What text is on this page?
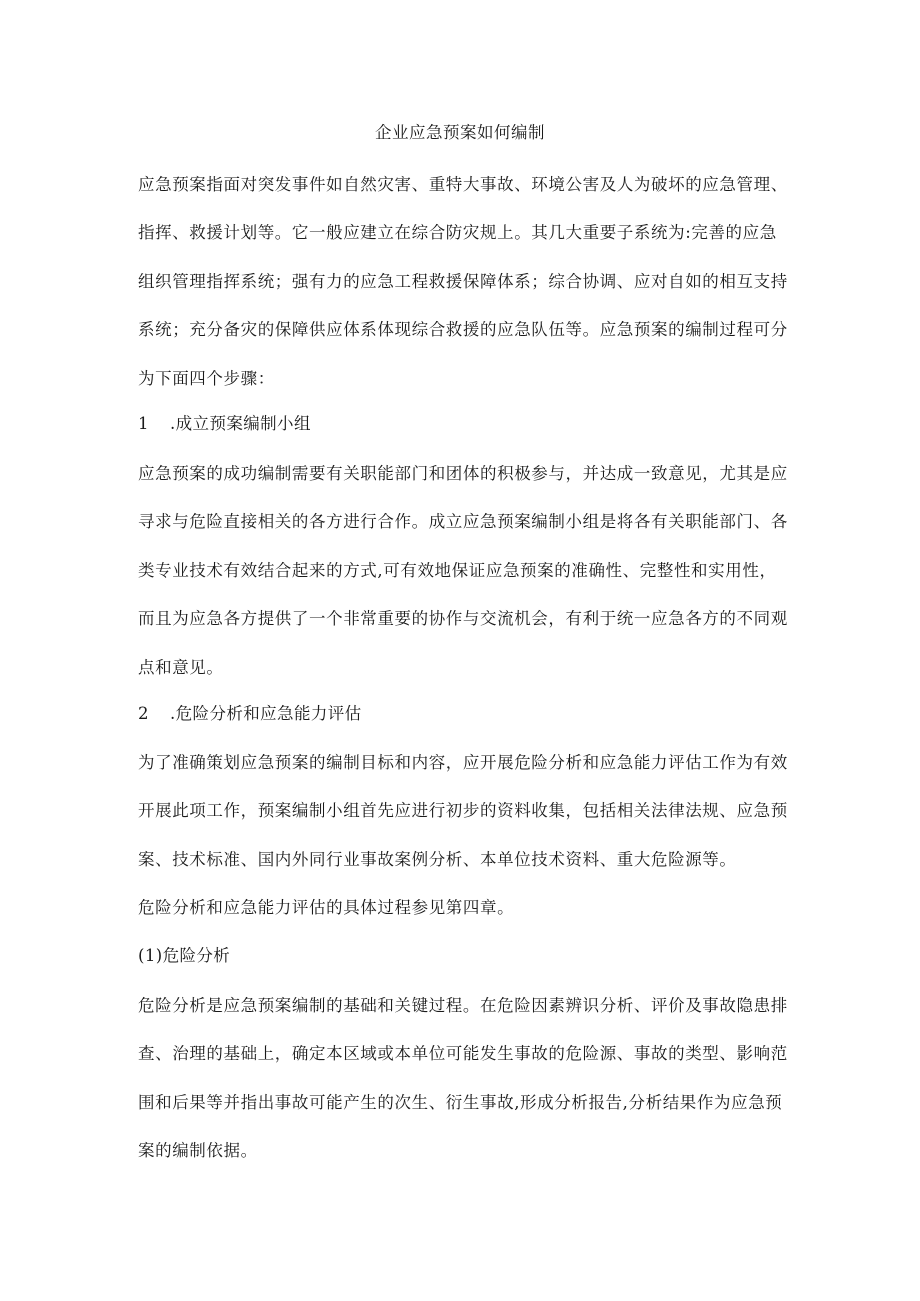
企业应急预案如何编制

应急预案指面对突发事件如自然灾害、重特大事故、环境公害及人为破坏的应急管理、
指挥、救援计划等。它一般应建立在综合防灾规上。其几大重要子系统为:完善的应急
组织管理指挥系统；强有力的应急工程救援保障体系；综合协调、应对自如的相互支持
系统；充分备灾的保障供应体系体现综合救援的应急队伍等。应急预案的编制过程可分
为下面四个步骤：

1 .成立预案编制小组

应急预案的成功编制需要有关职能部门和团体的积极参与，并达成一致意见，尤其是应
寻求与危险直接相关的各方进行合作。成立应急预案编制小组是将各有关职能部门、各
类专业技术有效结合起来的方式,可有效地保证应急预案的准确性、完整性和实用性，
而且为应急各方提供了一个非常重要的协作与交流机会，有利于统一应急各方的不同观
点和意见。

2 .危险分析和应急能力评估

为了准确策划应急预案的编制目标和内容，应开展危险分析和应急能力评估工作为有效
开展此项工作，预案编制小组首先应进行初步的资料收集，包括相关法律法规、应急预
案、技术标准、国内外同行业事故案例分析、本单位技术资料、重大危险源等。
危险分析和应急能力评估的具体过程参见第四章。

(1)危险分析

危险分析是应急预案编制的基础和关键过程。在危险因素辨识分析、评价及事故隐患排
查、治理的基础上，确定本区域或本单位可能发生事故的危险源、事故的类型、影响范
围和后果等并指出事故可能产生的次生、衍生事故,形成分析报告,分析结果作为应急预
案的编制依据。
